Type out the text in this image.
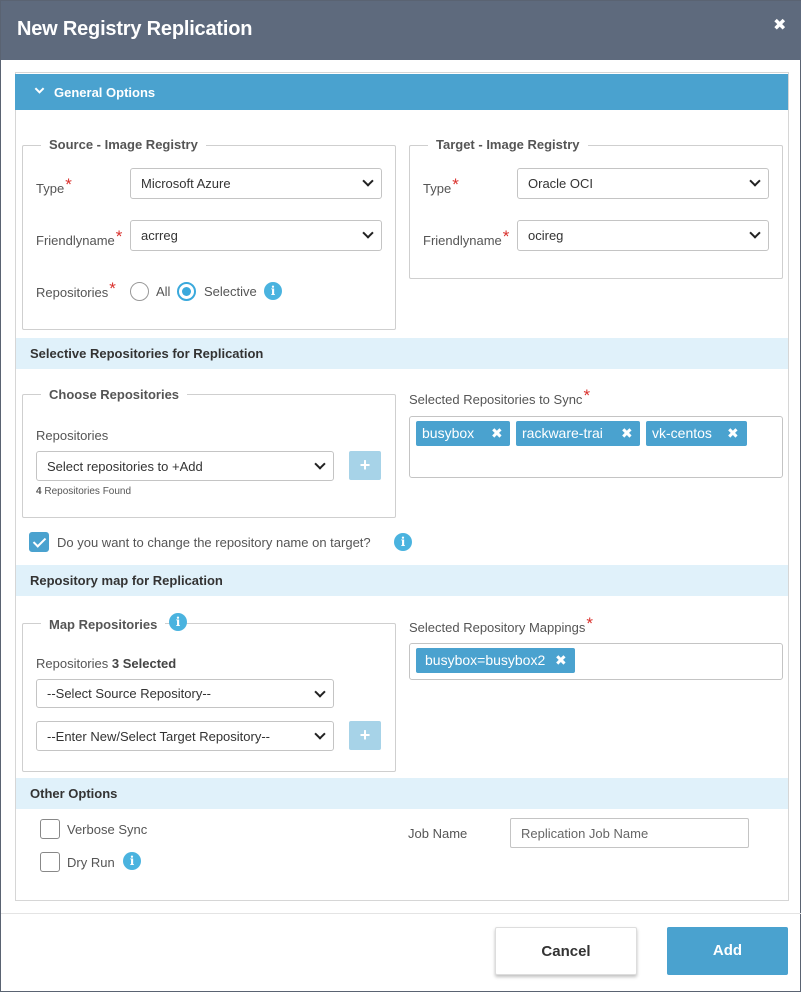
New Registry Replication	✖
General Options
Source - Image Registry
Type*	Microsoft Azure
Friendlyname* acrreg
Repositories*	All	Selective	i
Target - Image Registry
Type*	Oracle OCI
Friendlyname* ocireg
Selective Repositories for Replication
Choose Repositories
Repositories
Select repositories to +Add	+
4 Repositories Found
Selected Repositories to Sync*
busybox ✖	rackware-trai ✖	vk-centos ✖
Do you want to change the repository name on target?	i
Repository map for Replication
Map Repositories	i
Repositories 3 Selected
--Select Source Repository--
--Enter New/Select Target Repository--	+
Selected Repository Mappings*
busybox=busybox2 ✖
Other Options
Verbose Sync
Dry Run	i
Job Name
Replication Job Name
Cancel	Add
